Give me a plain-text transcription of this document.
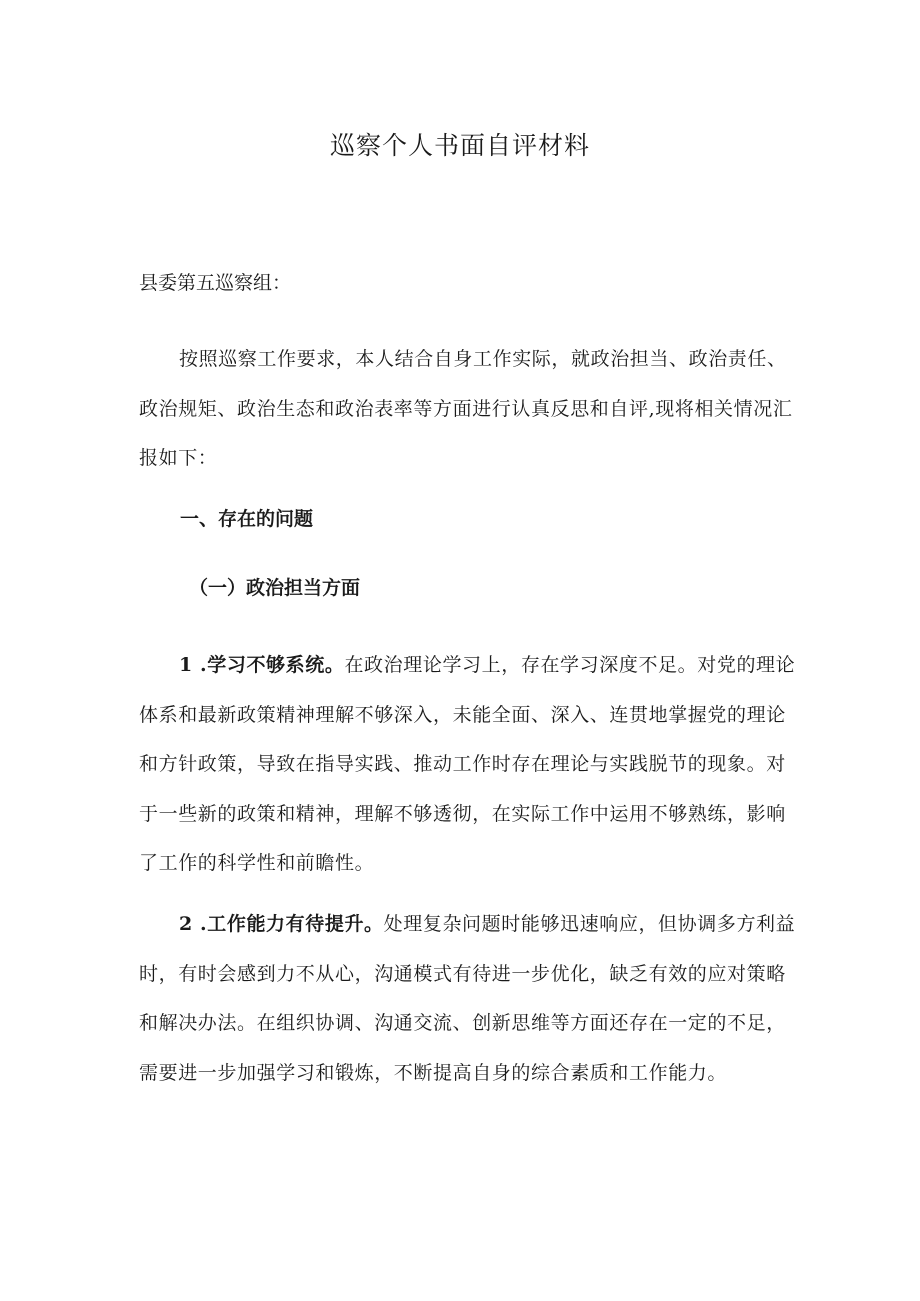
巡察个人书面自评材料

县委第五巡察组：

按照巡察工作要求，本人结合自身工作实际，就政治担当、政治责任、政治规矩、政治生态和政治表率等方面进行认真反思和自评,现将相关情况汇报如下：

一、存在的问题

（一）政治担当方面

1 .学习不够系统。在政治理论学习上，存在学习深度不足。对党的理论体系和最新政策精神理解不够深入，未能全面、深入、连贯地掌握党的理论和方针政策，导致在指导实践、推动工作时存在理论与实践脱节的现象。对于一些新的政策和精神，理解不够透彻，在实际工作中运用不够熟练，影响了工作的科学性和前瞻性。

2 .工作能力有待提升。处理复杂问题时能够迅速响应，但协调多方利益时，有时会感到力不从心，沟通模式有待进一步优化，缺乏有效的应对策略和解决办法。在组织协调、沟通交流、创新思维等方面还存在一定的不足，需要进一步加强学习和锻炼，不断提高自身的综合素质和工作能力。
